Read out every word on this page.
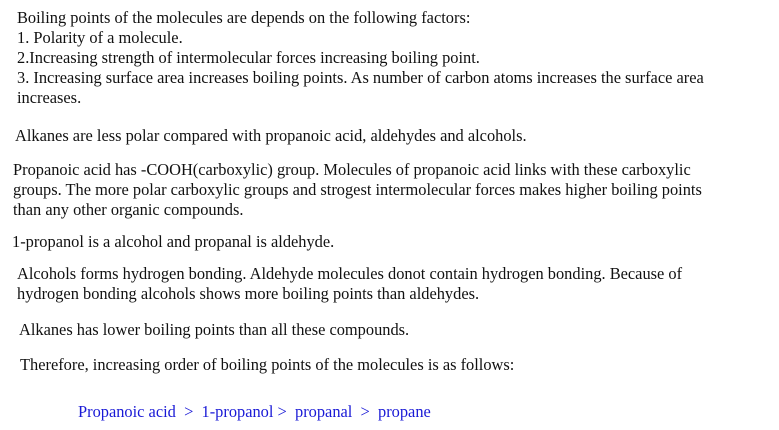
Boiling points of the molecules are depends on the following factors:
1. Polarity of a molecule.
2.Increasing strength of intermolecular forces increasing boiling point.
3. Increasing surface area increases boiling points. As number of carbon atoms increases the surface area
increases.
Alkanes are less polar compared with propanoic acid, aldehydes and alcohols.
Propanoic acid has -COOH(carboxylic) group. Molecules of propanoic acid links with these carboxylic
groups. The more polar carboxylic groups and strogest intermolecular forces makes higher boiling points
than any other organic compounds.
1-propanol is a alcohol and propanal is aldehyde.
Alcohols forms hydrogen bonding. Aldehyde molecules donot contain hydrogen bonding. Because of
hydrogen bonding alcohols shows more boiling points than aldehydes.
Alkanes has lower boiling points than all these compounds.
Therefore, increasing order of boiling points of the molecules is as follows:
Propanoic acid > 1-propanol > propanal > propane
